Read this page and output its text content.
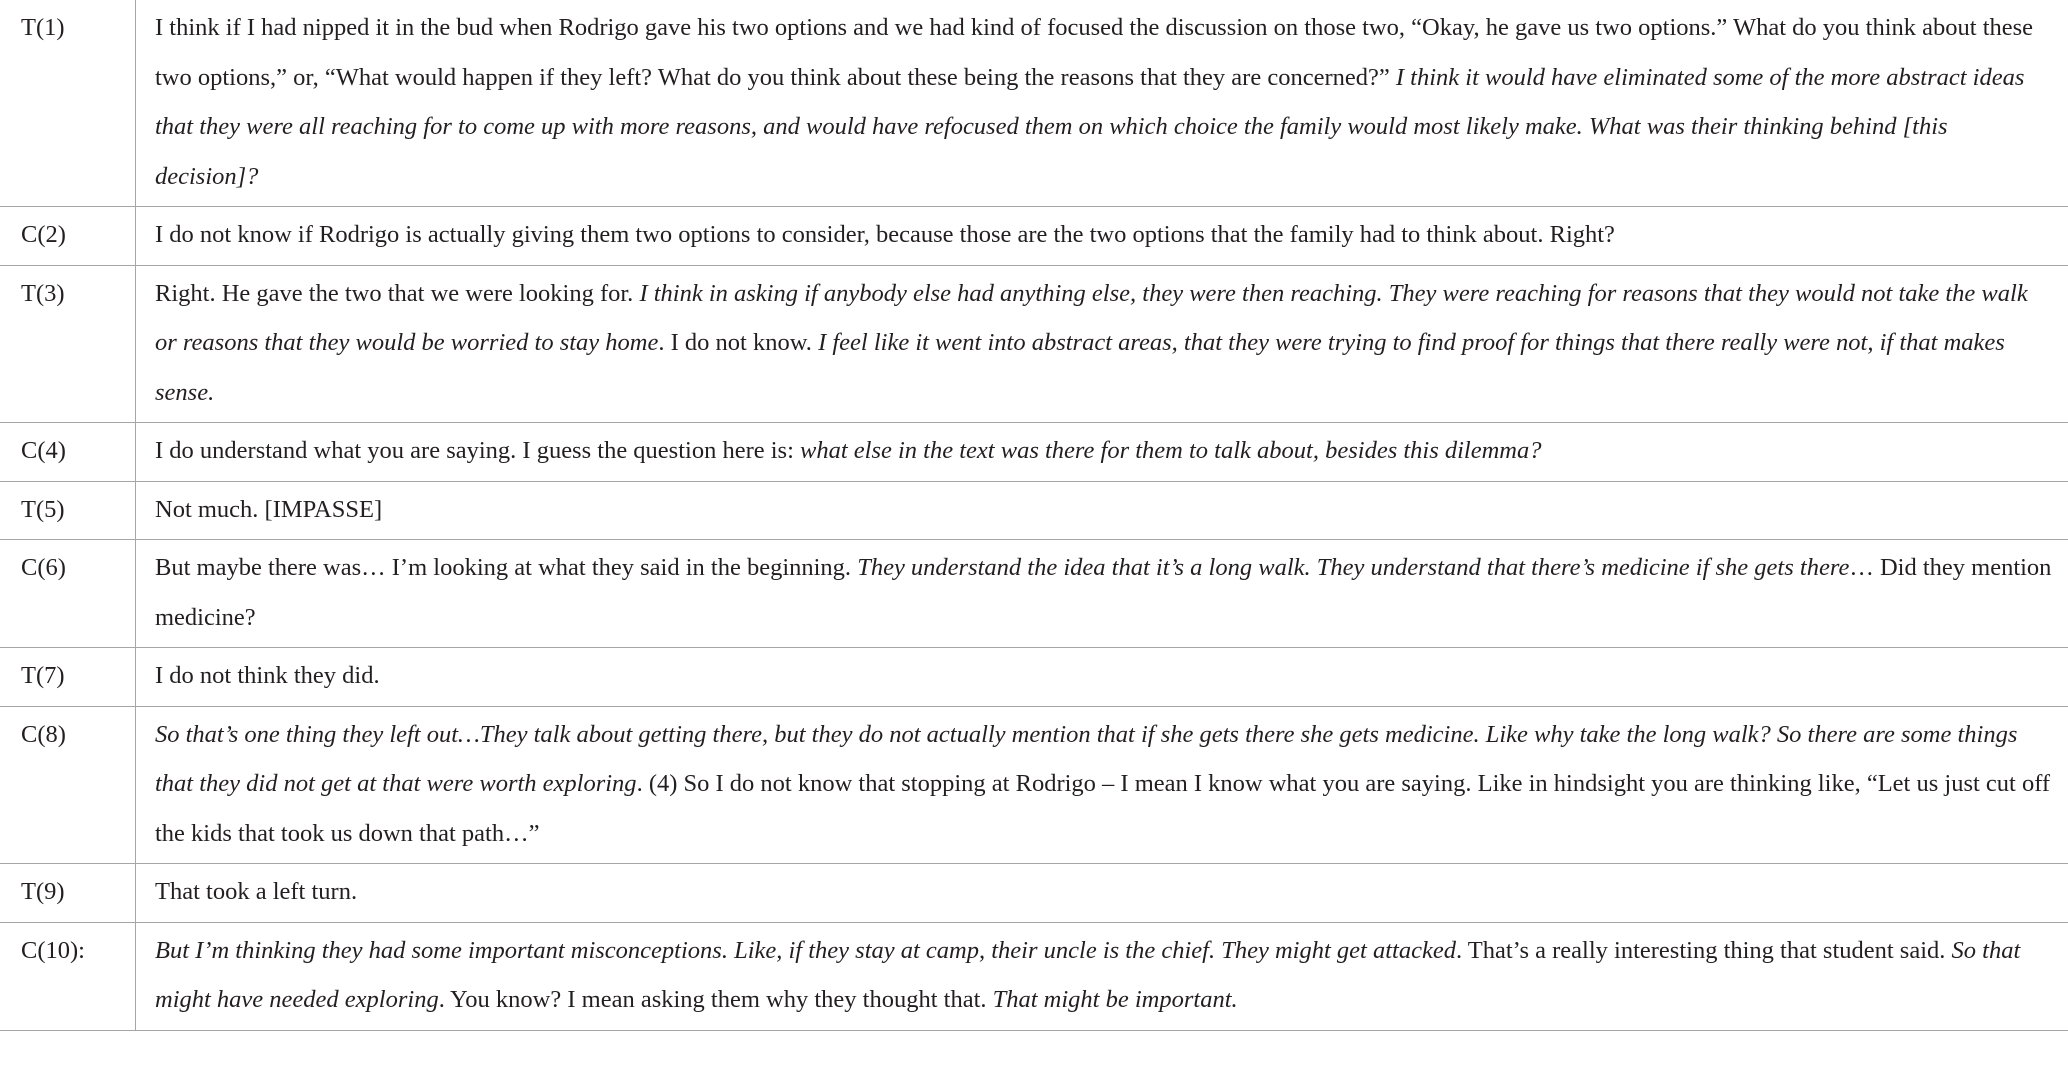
T(1)	I think if I had nipped it in the bud when Rodrigo gave his two options and we had kind of focused the discussion on those two, “Okay, he gave us two options.” What do you think about these two options,” or, “What would happen if they left? What do you think about these being the reasons that they are concerned?” I think it would have eliminated some of the more abstract ideas that they were all reaching for to come up with more reasons, and would have refocused them on which choice the family would most likely make. What was their thinking behind [this decision]?
C(2)	I do not know if Rodrigo is actually giving them two options to consider, because those are the two options that the family had to think about. Right?
T(3)	Right. He gave the two that we were looking for. I think in asking if anybody else had anything else, they were then reaching. They were reaching for reasons that they would not take the walk or reasons that they would be worried to stay home. I do not know. I feel like it went into abstract areas, that they were trying to find proof for things that there really were not, if that makes sense.
C(4)	I do understand what you are saying. I guess the question here is: what else in the text was there for them to talk about, besides this dilemma?
T(5)	Not much. [IMPASSE]
C(6)	But maybe there was… I’m looking at what they said in the beginning. They understand the idea that it’s a long walk. They understand that there’s medicine if she gets there… Did they mention medicine?
T(7)	I do not think they did.
C(8)	So that’s one thing they left out…They talk about getting there, but they do not actually mention that if she gets there she gets medicine. Like why take the long walk? So there are some things that they did not get at that were worth exploring. (4) So I do not know that stopping at Rodrigo – I mean I know what you are saying. Like in hindsight you are thinking like, “Let us just cut off the kids that took us down that path…”
T(9)	That took a left turn.
C(10):	But I’m thinking they had some important misconceptions. Like, if they stay at camp, their uncle is the chief. They might get attacked. That’s a really interesting thing that student said. So that might have needed exploring. You know? I mean asking them why they thought that. That might be important.
